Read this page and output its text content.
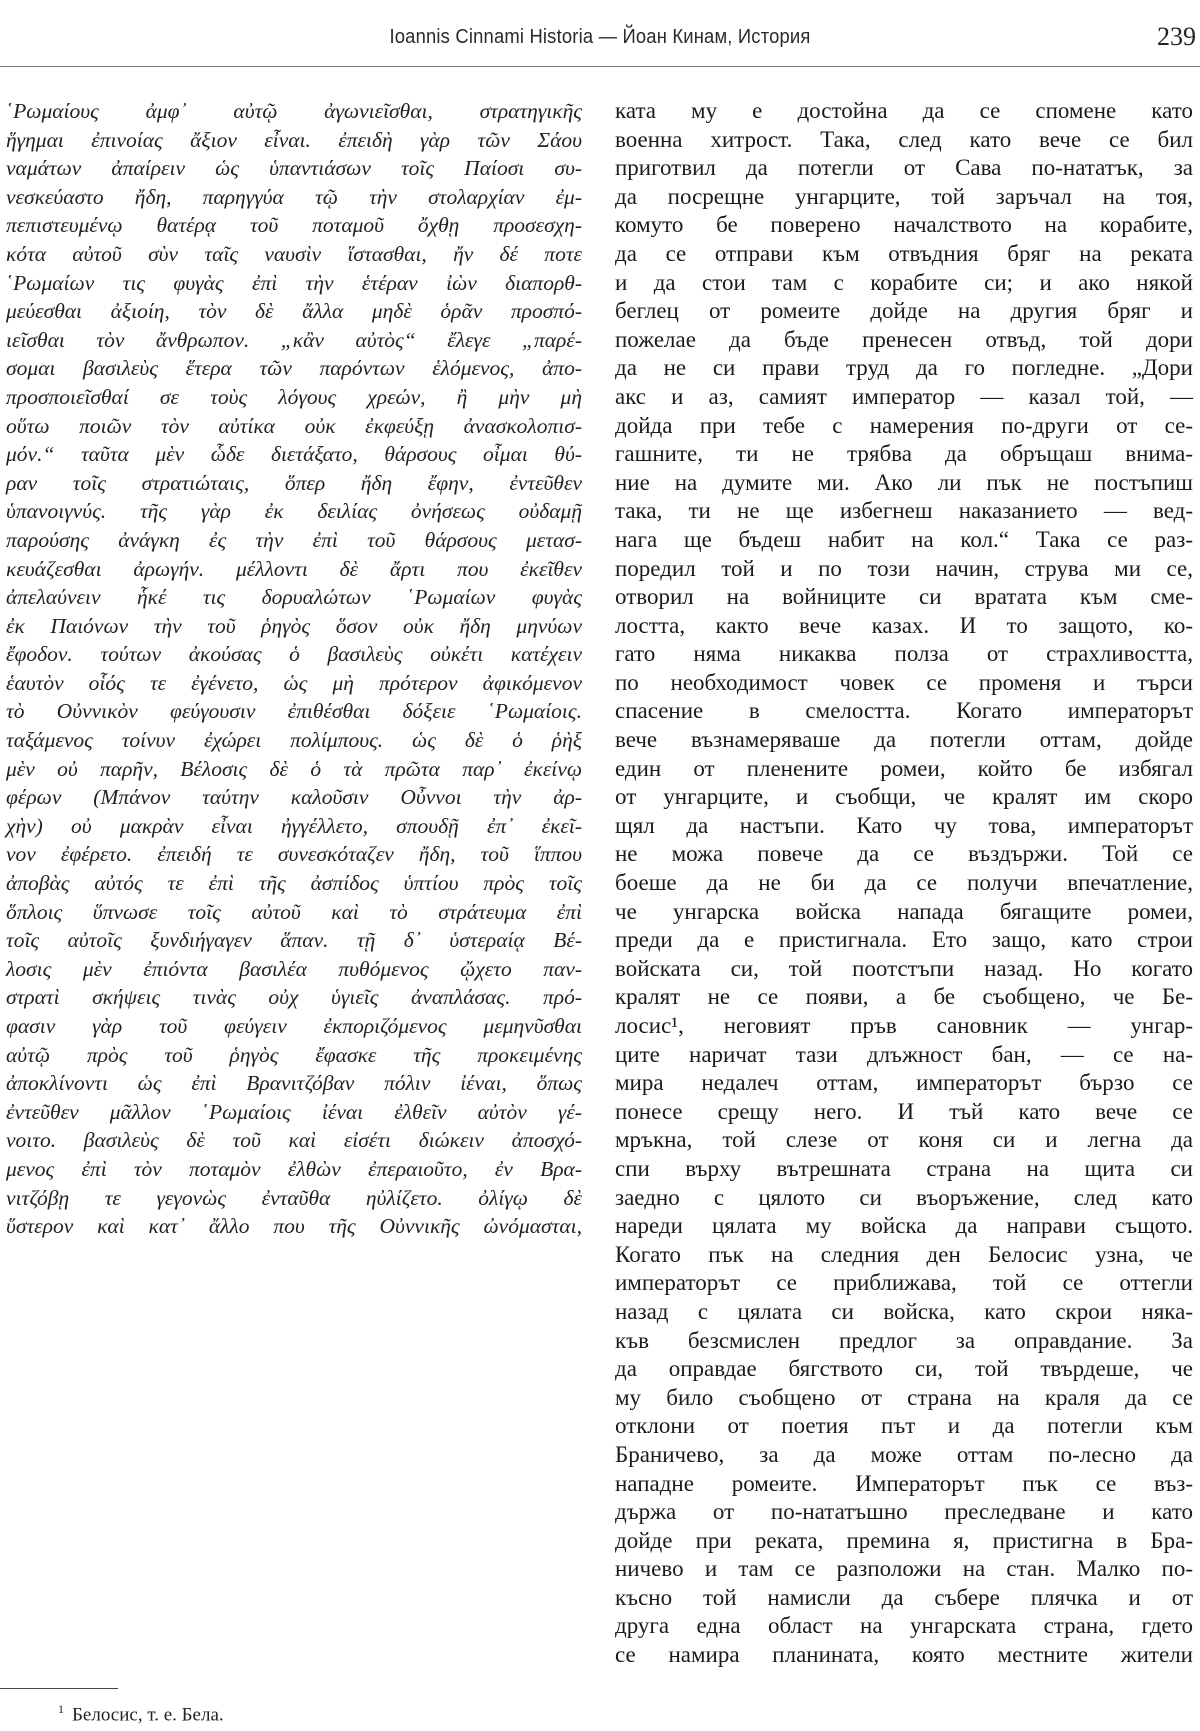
Ioannis Cinnami Historia — Йоан Кинам, История	239
῾Ρωμαίους ἀμφ᾽ αὐτῷ ἀγωνιεῖσθαι, στρατηγικῆς
ἥγημαι ἐπινοίας ἄξιον εἶναι. ἐπειδὴ γὰρ τῶν Σάου
ναμάτων ἀπαίρειν ὡς ὑπαντιάσων τοῖς Παίοσι συ-
νεσκεύαστο ἤδη, παρηγγύα τῷ τὴν στολαρχίαν ἐμ-
πεπιστευμένῳ θατέρᾳ τοῦ ποταμοῦ ὄχθῃ προσεσχη-
κότα αὐτοῦ σὺν ταῖς ναυσὶν ἵστασθαι, ἤν δέ ποτε
῾Ρωμαίων τις φυγὰς ἐπὶ τὴν ἑτέραν ἰὼν διαπορθ-
μεύεσθαι ἀξιοίη, τὸν δὲ ἄλλα μηδὲ ὁρᾶν προσπό-
ιεῖσθαι τὸν ἄνθρωπον. „κἂν αὐτὸς“ ἔλεγε „παρέ-
σομαι βασιλεὺς ἕτερα τῶν παρόντων ἑλόμενος, ἀπο-
προσποιεῖσθαί σε τοὺς λόγους χρεών, ἢ μὴν μὴ
οὕτω ποιῶν τὸν αὐτίκα οὐκ ἐκφεύξῃ ἀνασκολοπισ-
μόν.“ ταῦτα μὲν ὧδε διετάξατο, θάρσους οἶμαι θύ-
ραν τοῖς στρατιώταις, ὅπερ ἤδη ἔφην, ἐντεῦθεν
ὑπανοιγνύς. τῆς γὰρ ἐκ δειλίας ὀνήσεως οὐδαμῇ
παρούσης ἀνάγκη ἐς τὴν ἐπὶ τοῦ θάρσους μετασ-
κευάζεσθαι ἀρωγήν. μέλλοντι δὲ ἄρτι που ἐκεῖθεν
ἀπελαύνειν ἧκέ τις δορυαλώτων ῾Ρωμαίων φυγὰς
ἐκ Παιόνων τὴν τοῦ ῥηγὸς ὅσον οὐκ ἤδη μηνύων
ἔφοδον. τούτων ἀκούσας ὁ βασιλεὺς οὐκέτι κατέχειν
ἑαυτὸν οἷός τε ἐγένετο, ὡς μὴ πρότερον ἀφικόμενον
τὸ Οὐννικὸν φεύγουσιν ἐπιθέσθαι δόξειε ῾Ρωμαίοις.
ταξάμενος τοίνυν ἐχώρει πολίμπους. ὡς δὲ ὁ ῥὴξ
μὲν οὐ παρῆν, Βέλοσις δὲ ὁ τὰ πρῶτα παρ᾽ ἐκείνῳ
φέρων (Μπάνον ταύτην καλοῦσιν Οὖννοι τὴν ἀρ-
χὴν) οὐ μακρὰν εἶναι ἠγγέλλετο, σπουδῇ ἐπ᾽ ἐκεῖ-
νον ἐφέρετο. ἐπειδή τε συνεσκόταζεν ἤδη, τοῦ ἵππου
ἀποβὰς αὐτός τε ἐπὶ τῆς ἀσπίδος ὑπτίου πρὸς τοῖς
ὅπλοις ὕπνωσε τοῖς αὐτοῦ καὶ τὸ στράτευμα ἐπὶ
τοῖς αὐτοῖς ξυνδιήγαγεν ἅπαν. τῇ δ᾽ ὑστεραίᾳ Βέ-
λοσις μὲν ἐπιόντα βασιλέα πυθόμενος ᾤχετο παν-
στρατὶ σκήψεις τινὰς οὐχ ὑγιεῖς ἀναπλάσας. πρό-
φασιν γὰρ τοῦ φεύγειν ἐκποριζόμενος μεμηνῦσθαι
αὐτῷ πρὸς τοῦ ῥηγὸς ἔφασκε τῆς προκειμένης
ἀποκλίνοντι ὡς ἐπὶ Βρανιτζόβαν πόλιν ἰέναι, ὅπως
ἐντεῦθεν μᾶλλον ῾Ρωμαίοις ἰέναι ἐλθεῖν αὐτὸν γέ-
νοιτο. βασιλεὺς δὲ τοῦ καὶ εἰσέτι διώκειν ἀποσχό-
μενος ἐπὶ τὸν ποταμὸν ἐλθὼν ἐπεραιοῦτο, ἐν Βρα-
νιτζόβῃ τε γεγονὼς ἐνταῦθα ηὐλίζετο. ὀλίγῳ δὲ
ὕστερον καὶ κατ᾽ ἄλλο που τῆς Οὐννικῆς ὠνόμασται,
ката му е достойна да се спомене като
военна хитрост. Така, след като вече се бил
приготвил да потегли от Сава по-нататък, за
да посрещне унгарците, той заръчал на тоя,
комуто бе поверено началството на корабите,
да се отправи към отвъдния бряг на реката
и да стои там с корабите си; и ако някой
беглец от ромеите дойде на другия бряг и
пожелае да бъде пренесен отвъд, той дори
да не си прави труд да го погледне. „Дори
акс и аз, самият император — казал той, —
дойда при тебе с намерения по-други от се-
гашните, ти не трябва да обръщаш внима-
ние на думите ми. Ако ли пък не постъпиш
така, ти не ще избегнеш наказанието — вед-
нага ще бъдеш набит на кол.“ Така се раз-
поредил той и по този начин, струва ми се,
отворил на войниците си вратата към сме-
лостта, както вече казах. И то защото, ко-
гато няма никаква полза от страхливостта,
по необходимост човек се променя и търси
спасение в смелостта. Когато императорът
вече възнамеряваше да потегли оттам, дойде
един от пленените ромеи, който бе избягал
от унгарците, и съобщи, че кралят им скоро
щял да настъпи. Като чу това, императорът
не можа повече да се въздържи. Той се
боеше да не би да се получи впечатление,
че унгарска войска напада бягащите ромеи,
преди да е пристигнала. Ето защо, като строи
войската си, той поотстъпи назад. Но когато
кралят не се появи, а бе съобщено, че Бе-
лосис¹, неговият пръв сановник — унгар-
ците наричат тази длъжност бан, — се на-
мира недалеч оттам, императорът бързо се
понесе срещу него. И тъй като вече се
мръкна, той слезе от коня си и легна да
спи върху вътрешната страна на щита си
заедно с цялото си въоръжение, след като
нареди цялата му войска да направи същото.
Когато пък на следния ден Белосис узна, че
императорът се приближава, той се оттегли
назад с цялата си войска, като скрои няка-
къв безсмислен предлог за оправдание. За
да оправдае бягството си, той твърдеше, че
му било съобщено от страна на краля да се
отклони от поетия път и да потегли към
Браничево, за да може оттам по-лесно да
нападне ромеите. Императорът пък се въз-
държа от по-нататъшно преследване и като
дойде при реката, премина я, пристигна в Бра-
ничево и там се разположи на стан. Малко по-
късно той намисли да събере плячка и от
друга една област на унгарската страна, гдето
се намира планината, която местните жители
$^1$ Белосис, т. е. Бела.
